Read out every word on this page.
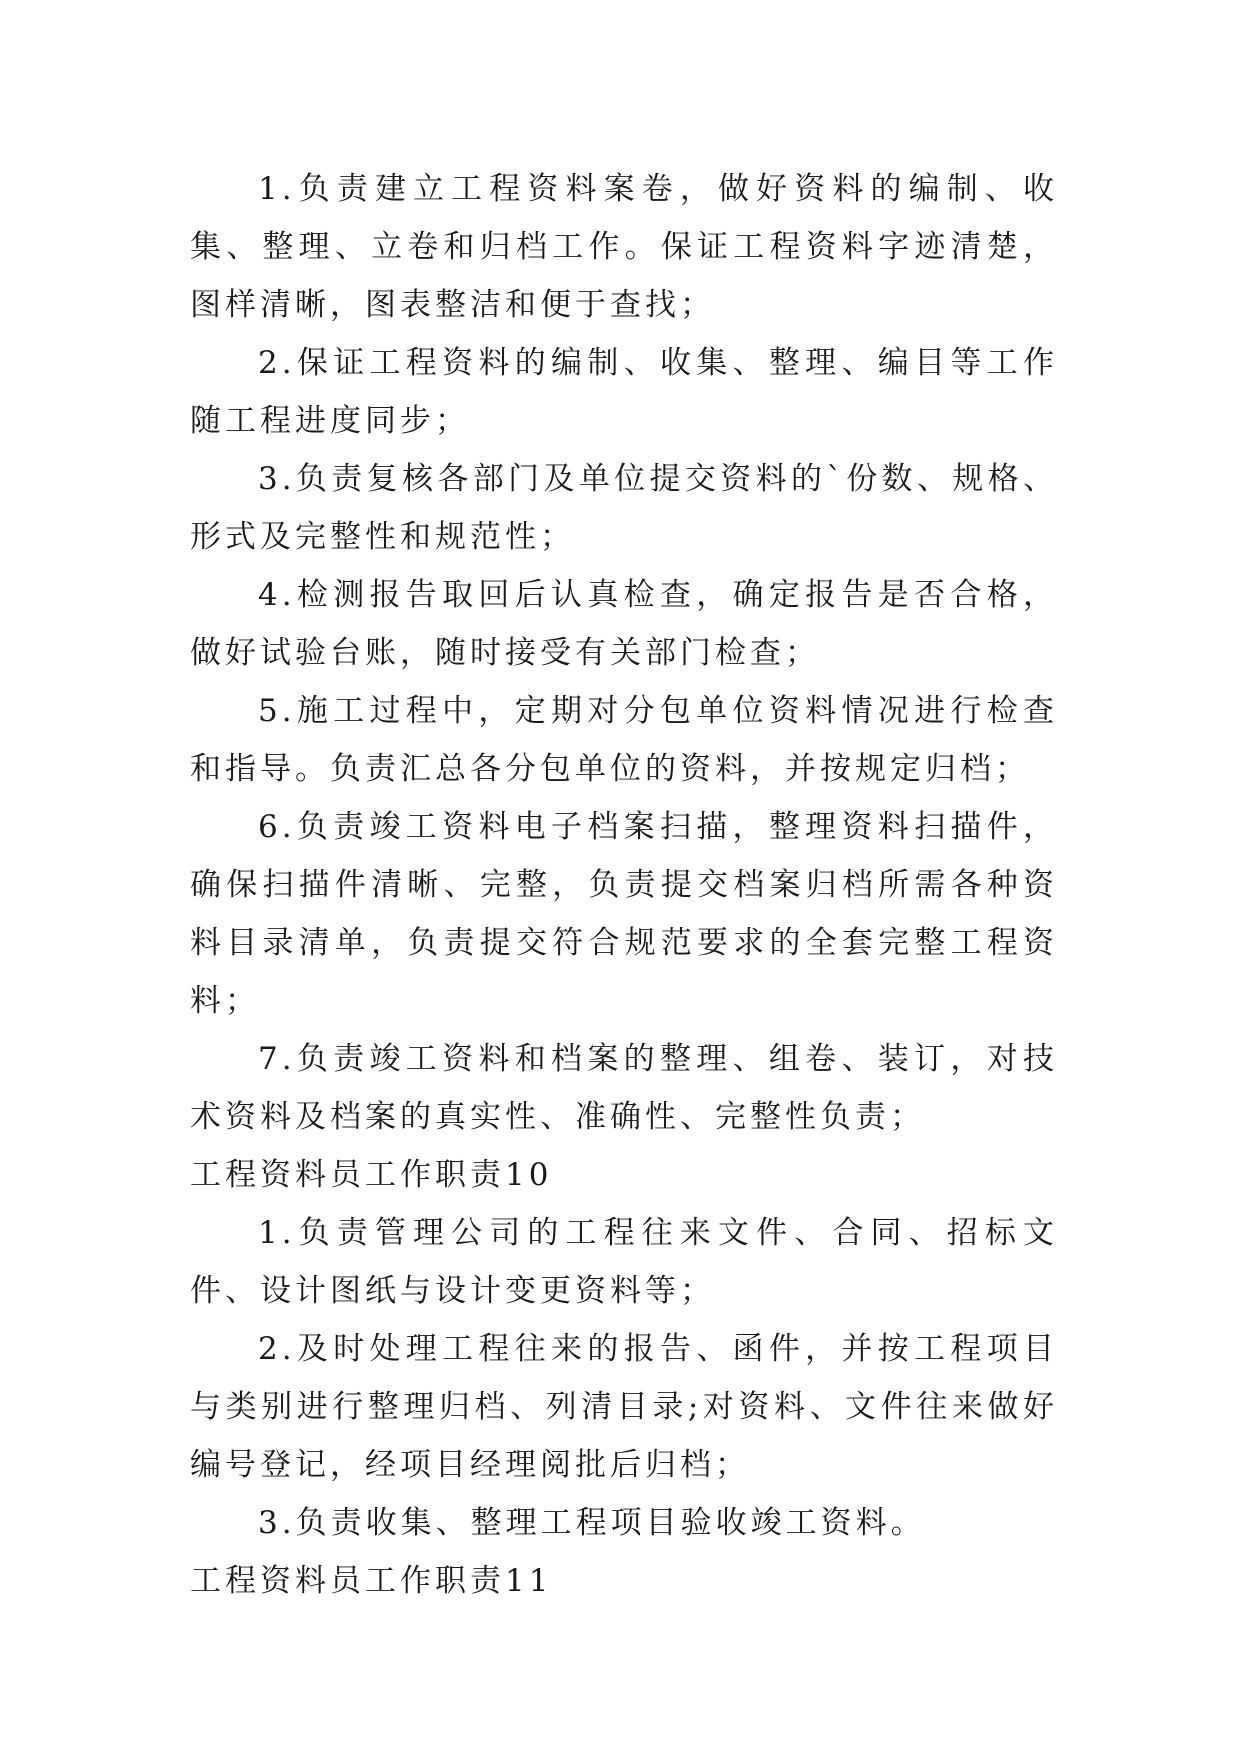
1.负责建立工程资料案卷，做好资料的编制、收集、整理、立卷和归档工作。保证工程资料字迹清楚，图样清晰，图表整洁和便于查找；

2.保证工程资料的编制、收集、整理、编目等工作随工程进度同步；

3.负责复核各部门及单位提交资料的`份数、规格、形式及完整性和规范性；

4.检测报告取回后认真检查，确定报告是否合格，做好试验台账，随时接受有关部门检查；

5.施工过程中，定期对分包单位资料情况进行检查和指导。负责汇总各分包单位的资料，并按规定归档；

6.负责竣工资料电子档案扫描，整理资料扫描件，确保扫描件清晰、完整，负责提交档案归档所需各种资料目录清单，负责提交符合规范要求的全套完整工程资料；

7.负责竣工资料和档案的整理、组卷、装订，对技术资料及档案的真实性、准确性、完整性负责；

工程资料员工作职责10

1.负责管理公司的工程往来文件、合同、招标文件、设计图纸与设计变更资料等；

2.及时处理工程往来的报告、函件，并按工程项目与类别进行整理归档、列清目录;对资料、文件往来做好编号登记，经项目经理阅批后归档；

3.负责收集、整理工程项目验收竣工资料。

工程资料员工作职责11
